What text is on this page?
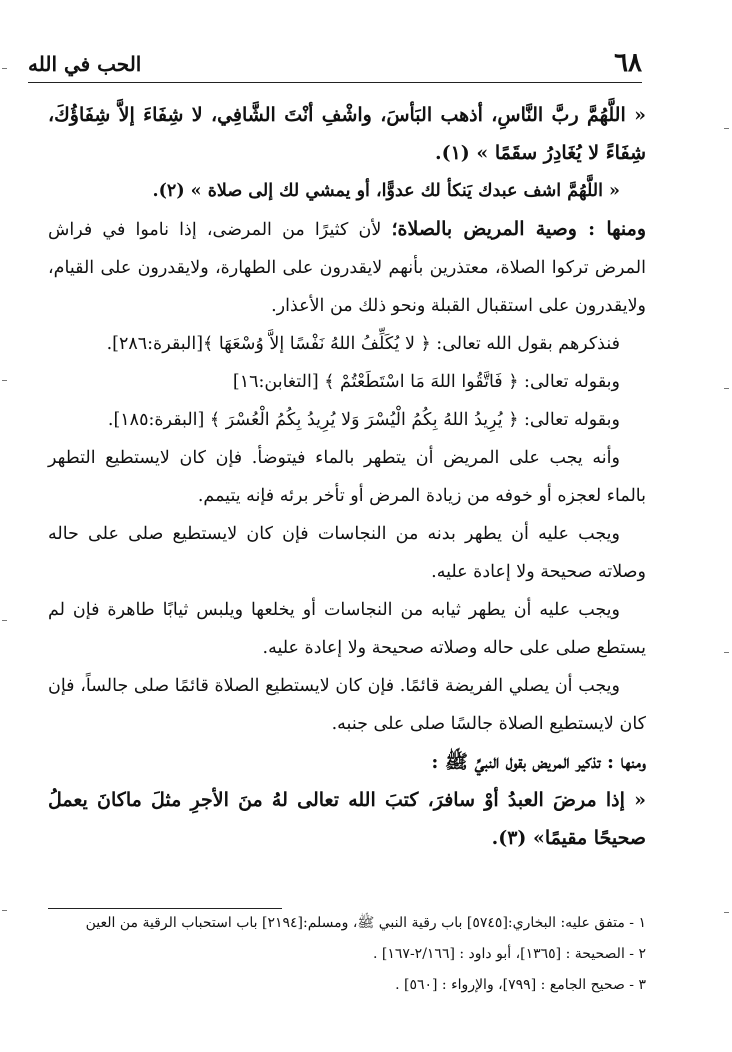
الحب في الله	٦٨

« اللَّهُمَّ ربَّ النَّاسِ، أذهب البَأسَ، واشْفِ أنْتَ الشَّافِي، لا شِفَاءَ إلاَّ شِفَاؤُكَ، شِفَاءً لا يُغَادِرُ سقَمًا » (١).

« اللَّهُمَّ اشف عبدك يَنكأ لك عدوًّا، أو يمشي لك إلى صلاة » (٢).

ومنها : وصية المريض بالصلاة؛ لأن كثيرًا من المرضى، إذا ناموا في فراش المرض تركوا الصلاة، معتذرين بأنهم لايقدرون على الطهارة، ولايقدرون على القيام، ولايقدرون على استقبال القبلة ونحو ذلك من الأعذار.

فنذكرهم بقول الله تعالى: ﴿ لا يُكَلِّفُ اللهُ نَفْسًا إلاَّ وُسْعَهَا ﴾[البقرة:٢٨٦].

وبقوله تعالى: ﴿ فَاتَّقُوا اللهَ مَا اسْتَطَعْتُمْ ﴾ [التغابن:١٦]

وبقوله تعالى: ﴿ يُرِيدُ اللهُ بِكُمُ الْيُسْرَ وَلا يُرِيدُ بِكُمُ الْعُسْرَ ﴾ [البقرة:١٨٥].

وأنه يجب على المريض أن يتطهر بالماء فيتوضأ. فإن كان لايستطيع التطهر بالماء لعجزه أو خوفه من زيادة المرض أو تأخر برئه فإنه يتيمم.

ويجب عليه أن يطهر بدنه من النجاسات فإن كان لايستطيع صلى على حاله وصلاته صحيحة ولا إعادة عليه.

ويجب عليه أن يطهر ثيابه من النجاسات أو يخلعها ويلبس ثيابًا طاهرة فإن لم يستطع صلى على حاله وصلاته صحيحة ولا إعادة عليه.

ويجب أن يصلي الفريضة قائمًا. فإن كان لايستطيع الصلاة قائمًا صلى جالساً، فإن كان لايستطيع الصلاة جالسًا صلى على جنبه.

ومنها : تذكير المريض بقول النبيِّ ﷺ :

« إذا مرضَ العبدُ أوْ سافرَ، كتبَ الله تعالى لهُ منَ الأجرِ مثلَ ماكانَ يعملُ صحيحًا مقيمًا» (٣).

١ - متفق عليه: البخاري:[٥٧٤٥] باب رقية النبي ﷺ، ومسلم:[٢١٩٤] باب استحباب الرقية من العين

٢ - الصحيحة : [١٣٦٥]، أبو داود : [٢/١٦٦-١٦٧] .

٣ - صحيح الجامع : [٧٩٩]، والإرواء : [٥٦٠] .
